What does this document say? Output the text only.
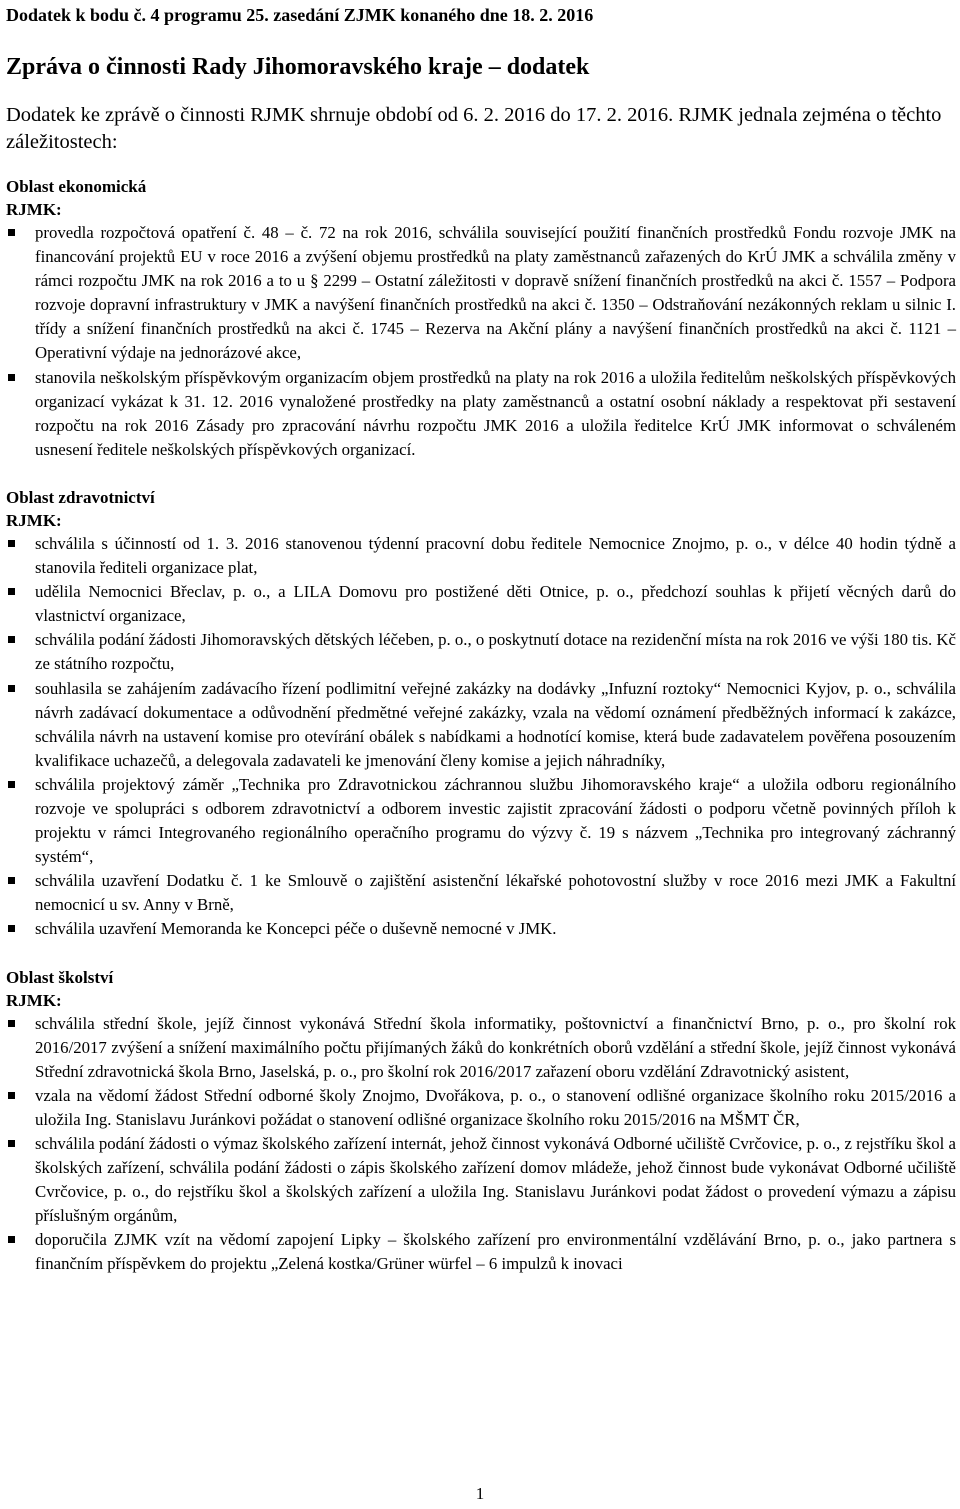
Dodatek k bodu č. 4 programu 25. zasedání ZJMK konaného dne 18. 2. 2016
Zpráva o činnosti Rady Jihomoravského kraje – dodatek
Dodatek ke zprávě o činnosti RJMK shrnuje období od 6. 2. 2016 do 17. 2. 2016. RJMK jednala zejména o těchto záležitostech:
Oblast ekonomická
RJMK:
provedla rozpočtová opatření č. 48 – č. 72 na rok 2016, schválila související použití finančních prostředků Fondu rozvoje JMK na financování projektů EU v roce 2016 a zvýšení objemu prostředků na platy zaměstnanců zařazených do KrÚ JMK a schválila změny v rámci rozpočtu JMK na rok 2016 a to u § 2299 – Ostatní záležitosti v dopravě snížení finančních prostředků na akci č. 1557 – Podpora rozvoje dopravní infrastruktury v JMK a navýšení finančních prostředků na akci č. 1350 – Odstraňování nezákonných reklam u silnic I. třídy a snížení finančních prostředků na akci č. 1745 – Rezerva na Akční plány a navýšení finančních prostředků na akci č. 1121 – Operativní výdaje na jednorázové akce,
stanovila neškolským příspěvkovým organizacím objem prostředků na platy na rok 2016 a uložila ředitelům neškolských příspěvkových organizací vykázat k 31. 12. 2016 vynaložené prostředky na platy zaměstnanců a ostatní osobní náklady a respektovat při sestavení rozpočtu na rok 2016 Zásady pro zpracování návrhu rozpočtu JMK 2016 a uložila ředitelce KrÚ JMK informovat o schváleném usnesení ředitele neškolských příspěvkových organizací.
Oblast zdravotnictví
RJMK:
schválila s účinností od 1. 3. 2016 stanovenou týdenní pracovní dobu ředitele Nemocnice Znojmo, p. o., v délce 40 hodin týdně a stanovila řediteli organizace plat,
udělila Nemocnici Břeclav, p. o., a LILA Domovu pro postižené děti Otnice, p. o., předchozí souhlas k přijetí věcných darů do vlastnictví organizace,
schválila podání žádosti Jihomoravských dětských léčeben, p. o., o poskytnutí dotace na rezidenční místa na rok 2016 ve výši 180 tis. Kč ze státního rozpočtu,
souhlasila se zahájením zadávacího řízení podlimitní veřejné zakázky na dodávky „Infuzní roztoky“ Nemocnici Kyjov, p. o., schválila návrh zadávací dokumentace a odůvodnění předmětné veřejné zakázky, vzala na vědomí oznámení předběžných informací k zakázce, schválila návrh na ustavení komise pro otevírání obálek s nabídkami a hodnotící komise, která bude zadavatelem pověřena posouzením kvalifikace uchazečů, a delegovala zadavateli ke jmenování členy komise a jejich náhradníky,
schválila projektový záměr „Technika pro Zdravotnickou záchrannou službu Jihomoravského kraje“ a uložila odboru regionálního rozvoje ve spolupráci s odborem zdravotnictví a odborem investic zajistit zpracování žádosti o podporu včetně povinných příloh k projektu v rámci Integrovaného regionálního operačního programu do výzvy č. 19 s názvem „Technika pro integrovaný záchranný systém“,
schválila uzavření Dodatku č. 1 ke Smlouvě o zajištění asistenční lékařské pohotovostní služby v roce 2016 mezi JMK a Fakultní nemocnicí u sv. Anny v Brně,
schválila uzavření Memoranda ke Koncepci péče o duševně nemocné v JMK.
Oblast školství
RJMK:
schválila střední škole, jejíž činnost vykonává Střední škola informatiky, poštovnictví a finančnictví Brno, p. o., pro školní rok 2016/2017 zvýšení a snížení maximálního počtu přijímaných žáků do konkrétních oborů vzdělání a střední škole, jejíž činnost vykonává Střední zdravotnická škola Brno, Jaselská, p. o., pro školní rok 2016/2017 zařazení oboru vzdělání Zdravotnický asistent,
vzala na vědomí žádost Střední odborné školy Znojmo, Dvořákova, p. o., o stanovení odlišné organizace školního roku 2015/2016 a uložila Ing. Stanislavu Juránkovi požádat o stanovení odlišné organizace školního roku 2015/2016 na MŠMT ČR,
schválila podání žádosti o výmaz školského zařízení internát, jehož činnost vykonává Odborné učiliště Cvrčovice, p. o., z rejstříku škol a školských zařízení, schválila podání žádosti o zápis školského zařízení domov mládeže, jehož činnost bude vykonávat Odborné učiliště Cvrčovice, p. o., do rejstříku škol a školských zařízení a uložila Ing. Stanislavu Juránkovi podat žádost o provedení výmazu a zápisu příslušným orgánům,
doporučila ZJMK vzít na vědomí zapojení Lipky – školského zařízení pro environmentální vzdělávání Brno, p. o., jako partnera s finančním příspěvkem do projektu „Zelená kostka/Grüner würfel – 6 impulzů k inovaci
1
